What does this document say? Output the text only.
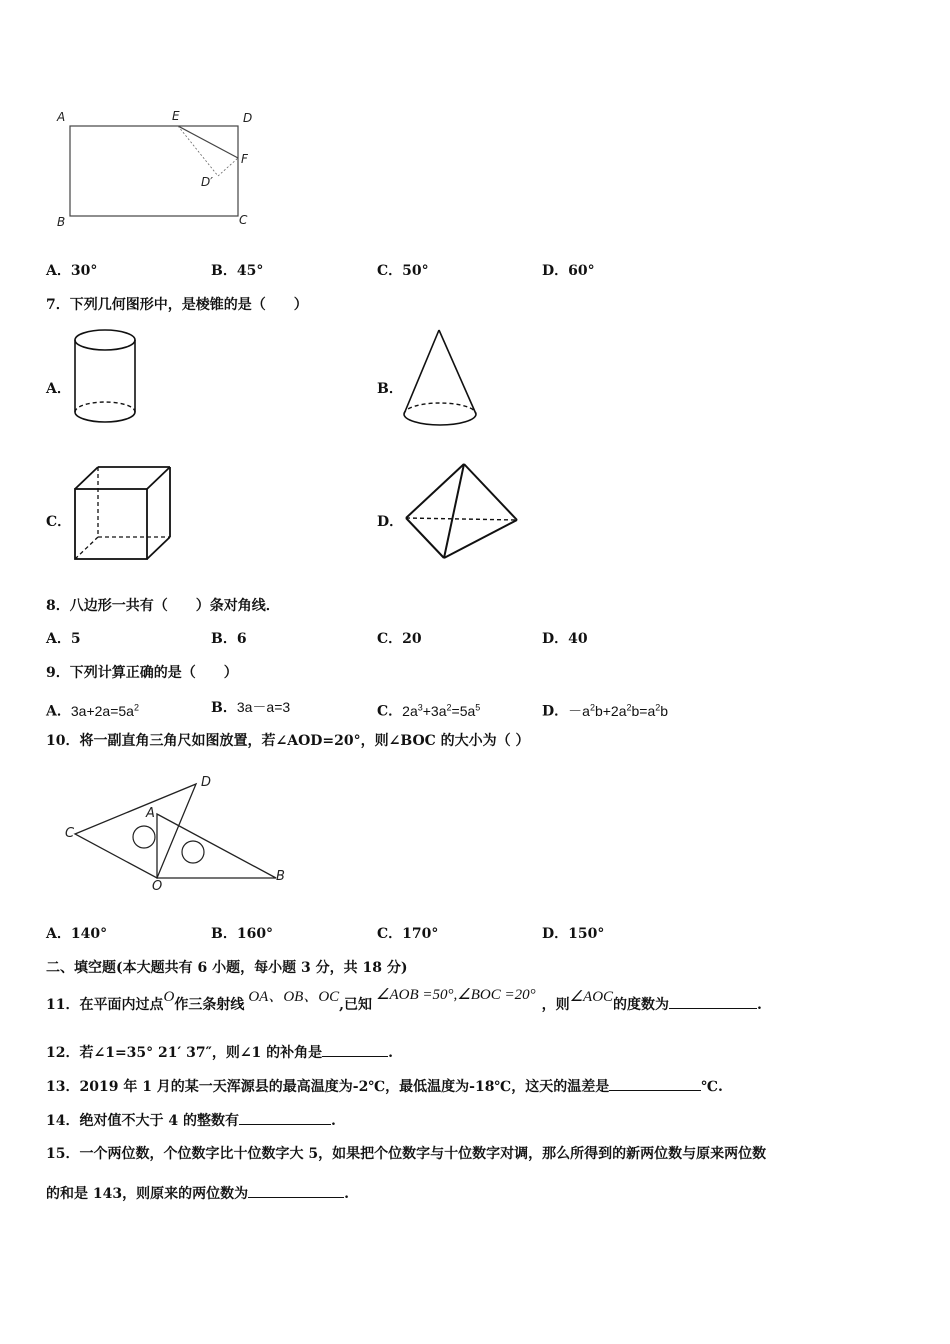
A	E	D
F
D′
B	C
A．30°	B．45°	C．50°	D．60°
7．下列几何图形中，是棱锥的是（　　）
A．	B．
C．	D．
8．八边形一共有（　　）条对角线．
A．5	B．6	C．20	D．40
9．下列计算正确的是（　　）
A．$3a+2a=5a^2$	B．3a－a=3	C．$2a^3+3a^2=5a^5$	D．$-a^2b+2a^2b=a^2b$
10．将一副直角三角尺如图放置，若∠AOD=20°，则∠BOC 的大小为（ ）
D
A
C
O
B
A．140°	B．160°	C．170°	D．150°
二、填空题(本大题共有 6 小题，每小题 3 分，共 18 分)
11．在平面内过点O作三条射线 OA、OB、OC,已知∠AOB =50°,∠BOC =20°，则∠AOC的度数为	.
12．若∠1=35° 21′ 37″，则∠1 的补角是	.
13．2019 年 1 月的某一天浑源县的最高温度为-2℃，最低温度为-18℃，这天的温差是	℃.
14．绝对值不大于 4 的整数有	.
15．一个两位数，个位数字比十位数字大 5，如果把个位数字与十位数字对调，那么所得到的新两位数与原来两位数
的和是 143，则原来的两位数为	.
